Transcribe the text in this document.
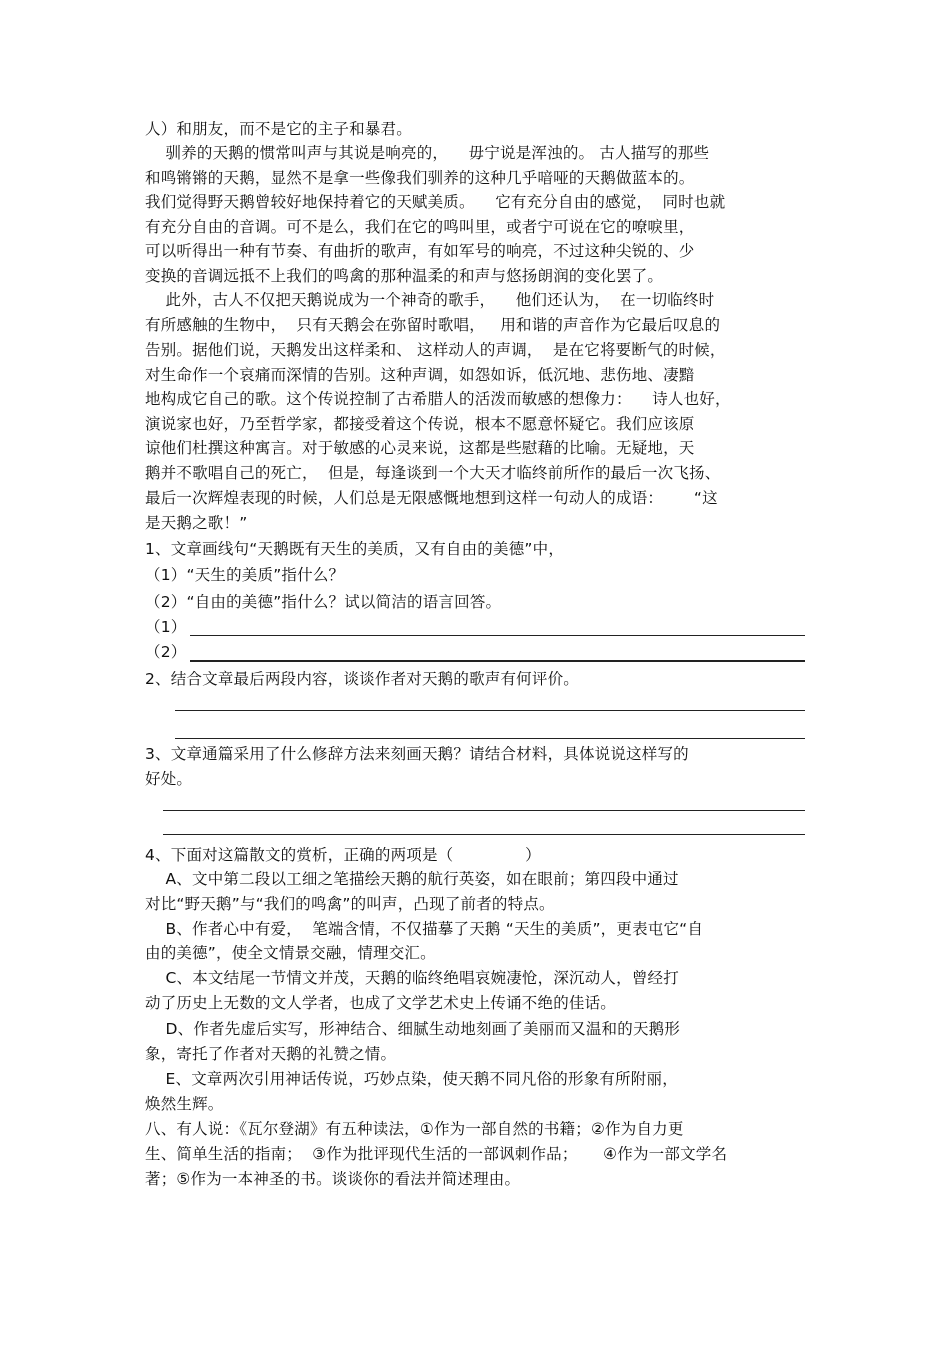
人）和朋友，而不是它的主子和暴君。
驯养的天鹅的惯常叫声与其说是响亮的，    毋宁说是浑浊的。 古人描写的那些
和鸣锵锵的天鹅，显然不是拿一些像我们驯养的这种几乎喑哑的天鹅做蓝本的。
我们觉得野天鹅曾较好地保持着它的天赋美质。    它有充分自由的感觉，  同时也就
有充分自由的音调。可不是么，我们在它的鸣叫里，或者宁可说在它的嘹唳里，
可以听得出一种有节奏、有曲折的歌声，有如军号的响亮，不过这种尖锐的、少
变换的音调远抵不上我们的鸣禽的那种温柔的和声与悠扬朗润的变化罢了。
此外，古人不仅把天鹅说成为一个神奇的歌手，    他们还认为，  在一切临终时
有所感触的生物中，  只有天鹅会在弥留时歌唱，   用和谐的声音作为它最后叹息的
告别。据他们说，天鹅发出这样柔和、 这样动人的声调，  是在它将要断气的时候，
对生命作一个哀痛而深情的告别。这种声调，如怨如诉，低沉地、悲伤地、凄黯
地构成它自己的歌。这个传说控制了古希腊人的活泼而敏感的想像力：    诗人也好，
演说家也好，乃至哲学家，都接受着这个传说，根本不愿意怀疑它。我们应该原
谅他们杜撰这种寓言。对于敏感的心灵来说，这都是些慰藉的比喻。无疑地，天
鹅并不歌唱自己的死亡，  但是，每逢谈到一个大天才临终前所作的最后一次飞扬、
最后一次辉煌表现的时候，人们总是无限感慨地想到这样一句动人的成语：      “这
是天鹅之歌！”
1、文章画线句“天鹅既有天生的美质，又有自由的美德”中，
（1）“天生的美质”指什么？
（2）“自由的美德”指什么？试以简洁的语言回答。
（1）
（2）
2、结合文章最后两段内容，谈谈作者对天鹅的歌声有何评价。
3、文章通篇采用了什么修辞方法来刻画天鹅？请结合材料，具体说说这样写的
好处。
4、下面对这篇散文的赏析，正确的两项是（              ）
A、文中第二段以工细之笔描绘天鹅的航行英姿，如在眼前；第四段中通过
对比“野天鹅”与“我们的鸣禽”的叫声，凸现了前者的特点。
B、作者心中有爱，  笔端含情，不仅描摹了天鹅 “天生的美质”，更表屯它“自
由的美德”，使全文情景交融，情理交汇。
C、本文结尾一节情文并茂，天鹅的临终绝唱哀婉凄怆，深沉动人，曾经打
动了历史上无数的文人学者，也成了文学艺术史上传诵不绝的佳话。
D、作者先虚后实写，形神结合、细腻生动地刻画了美丽而又温和的天鹅形
象，寄托了作者对天鹅的礼赞之情。
E、文章两次引用神话传说，巧妙点染，使天鹅不同凡俗的形象有所附丽，
焕然生辉。
八、有人说：《瓦尔登湖》有五种读法，①作为一部自然的书籍；②作为自力更
生、简单生活的指南；  ③作为批评现代生活的一部讽刺作品；     ④作为一部文学名
著；⑤作为一本神圣的书。谈谈你的看法并简述理由。
